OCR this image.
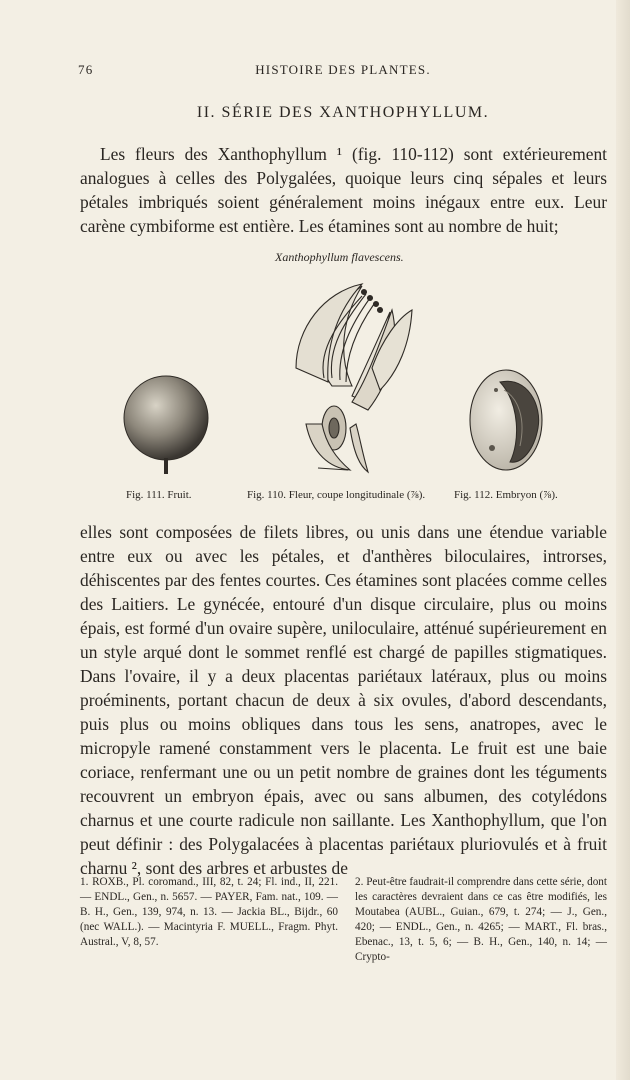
76	HISTOIRE DES PLANTES.
II. SÉRIE DES XANTHOPHYLLUM.

Les fleurs des Xanthophyllum ¹ (fig. 110-112) sont extérieurement analogues à celles des Polygalées, quoique leurs cinq sépales et leurs pétales imbriqués soient généralement moins inégaux entre eux. Leur carène cymbiforme est entière. Les étamines sont au nombre de huit;

Xanthophyllum flavescens.
Fig. 111. Fruit.	Fig. 110. Fleur, coupe longitudinale (⅞).	Fig. 112. Embryon (⅞).

elles sont composées de filets libres, ou unis dans une étendue variable entre eux ou avec les pétales, et d'anthères biloculaires, introrses, déhiscentes par des fentes courtes. Ces étamines sont placées comme celles des Laitiers. Le gynécée, entouré d'un disque circulaire, plus ou moins épais, est formé d'un ovaire supère, uniloculaire, atténué supérieurement en un style arqué dont le sommet renflé est chargé de papilles stigmatiques. Dans l'ovaire, il y a deux placentas pariétaux latéraux, plus ou moins proéminents, portant chacun de deux à six ovules, d'abord descendants, puis plus ou moins obliques dans tous les sens, anatropes, avec le micropyle ramené constamment vers le placenta. Le fruit est une baie coriace, renfermant une ou un petit nombre de graines dont les téguments recouvrent un embryon épais, avec ou sans albumen, des cotylédons charnus et une courte radicule non saillante. Les Xanthophyllum, que l'on peut définir : des Polygalacées à placentas pariétaux pluriovulés et à fruit charnu ², sont des arbres et arbustes de

1. ROXB., Pl. coromand., III, 82, t. 24; Fl. ind., II, 221. — ENDL., Gen., n. 5657. — PAYER, Fam. nat., 109. — B. H., Gen., 139, 974, n. 13. — Jackia BL., Bijdr., 60 (nec WALL.). — Macintyria F. MUELL., Fragm. Phyt. Austral., V, 8, 57.

2. Peut-être faudrait-il comprendre dans cette série, dont les caractères devraient dans ce cas être modifiés, les Moutabea (AUBL., Guian., 679, t. 274; — J., Gen., 420; — ENDL., Gen., n. 4265; — MART., Fl. bras., Ebenac., 13, t. 5, 6; — B. H., Gen., 140, n. 14; — Crypto-
